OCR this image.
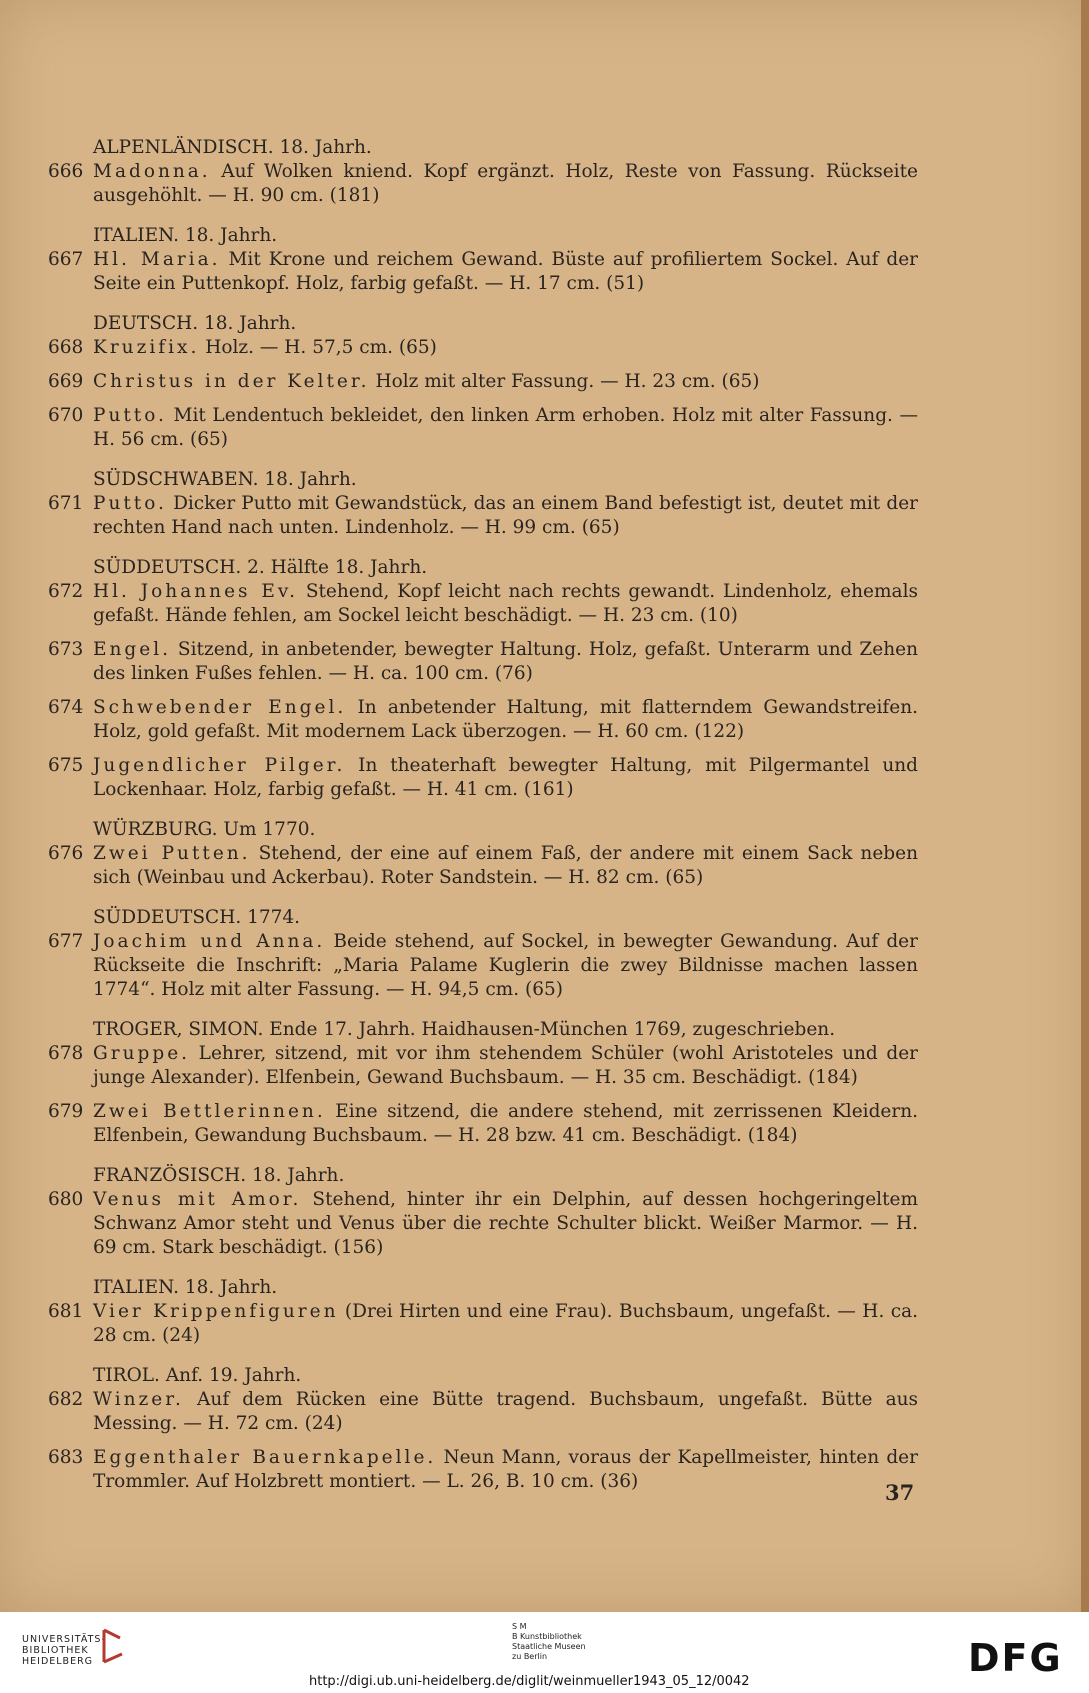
ALPENLÄNDISCH. 18. Jahrh.
666 Madonna. Auf Wolken kniend. Kopf ergänzt. Holz, Reste von Fassung. Rückseite ausgehöhlt. — H. 90 cm. (181)
ITALIEN. 18. Jahrh.
667 Hl. Maria. Mit Krone und reichem Gewand. Büste auf profiliertem Sockel. Auf der Seite ein Puttenkopf. Holz, farbig gefaßt. — H. 17 cm. (51)
DEUTSCH. 18. Jahrh.
668 Kruzifix. Holz. — H. 57,5 cm. (65)
669 Christus in der Kelter. Holz mit alter Fassung. — H. 23 cm. (65)
670 Putto. Mit Lendentuch bekleidet, den linken Arm erhoben. Holz mit alter Fassung. — H. 56 cm. (65)
SÜDSCHWABEN. 18. Jahrh.
671 Putto. Dicker Putto mit Gewandstück, das an einem Band befestigt ist, deutet mit der rechten Hand nach unten. Lindenholz. — H. 99 cm. (65)
SÜDDEUTSCH. 2. Hälfte 18. Jahrh.
672 Hl. Johannes Ev. Stehend, Kopf leicht nach rechts gewandt. Lindenholz, ehemals gefaßt. Hände fehlen, am Sockel leicht beschädigt. — H. 23 cm. (10)
673 Engel. Sitzend, in anbetender, bewegter Haltung. Holz, gefaßt. Unterarm und Zehen des linken Fußes fehlen. — H. ca. 100 cm. (76)
674 Schwebender Engel. In anbetender Haltung, mit flatterndem Gewandstreifen. Holz, gold gefaßt. Mit modernem Lack überzogen. — H. 60 cm. (122)
675 Jugendlicher Pilger. In theaterhaft bewegter Haltung, mit Pilgermantel und Lockenhaar. Holz, farbig gefaßt. — H. 41 cm. (161)
WÜRZBURG. Um 1770.
676 Zwei Putten. Stehend, der eine auf einem Faß, der andere mit einem Sack neben sich (Weinbau und Ackerbau). Roter Sandstein. — H. 82 cm. (65)
SÜDDEUTSCH. 1774.
677 Joachim und Anna. Beide stehend, auf Sockel, in bewegter Gewandung. Auf der Rückseite die Inschrift: „Maria Palame Kuglerin die zwey Bildnisse machen lassen 1774“. Holz mit alter Fassung. — H. 94,5 cm. (65)
TROGER, SIMON. Ende 17. Jahrh. Haidhausen-München 1769, zugeschrieben.
678 Gruppe. Lehrer, sitzend, mit vor ihm stehendem Schüler (wohl Aristoteles und der junge Alexander). Elfenbein, Gewand Buchsbaum. — H. 35 cm. Beschädigt. (184)
679 Zwei Bettlerinnen. Eine sitzend, die andere stehend, mit zerrissenen Kleidern. Elfenbein, Gewandung Buchsbaum. — H. 28 bzw. 41 cm. Beschädigt. (184)
FRANZÖSISCH. 18. Jahrh.
680 Venus mit Amor. Stehend, hinter ihr ein Delphin, auf dessen hochgeringeltem Schwanz Amor steht und Venus über die rechte Schulter blickt. Weißer Marmor. — H. 69 cm. Stark beschädigt. (156)
ITALIEN. 18. Jahrh.
681 Vier Krippenfiguren (Drei Hirten und eine Frau). Buchsbaum, ungefaßt. — H. ca. 28 cm. (24)
TIROL. Anf. 19. Jahrh.
682 Winzer. Auf dem Rücken eine Bütte tragend. Buchsbaum, ungefaßt. Bütte aus Messing. — H. 72 cm. (24)
683 Eggenthaler Bauernkapelle. Neun Mann, voraus der Kapellmeister, hinten der Trommler. Auf Holzbrett montiert. — L. 26, B. 10 cm. (36)	37
UNIVERSITÄTS-
BIBLIOTHEK
HEIDELBERG
S M
B Kunstbibliothek
Staatliche Museen
zu Berlin	DFG
http://digi.ub.uni-heidelberg.de/diglit/weinmueller1943_05_12/0042
